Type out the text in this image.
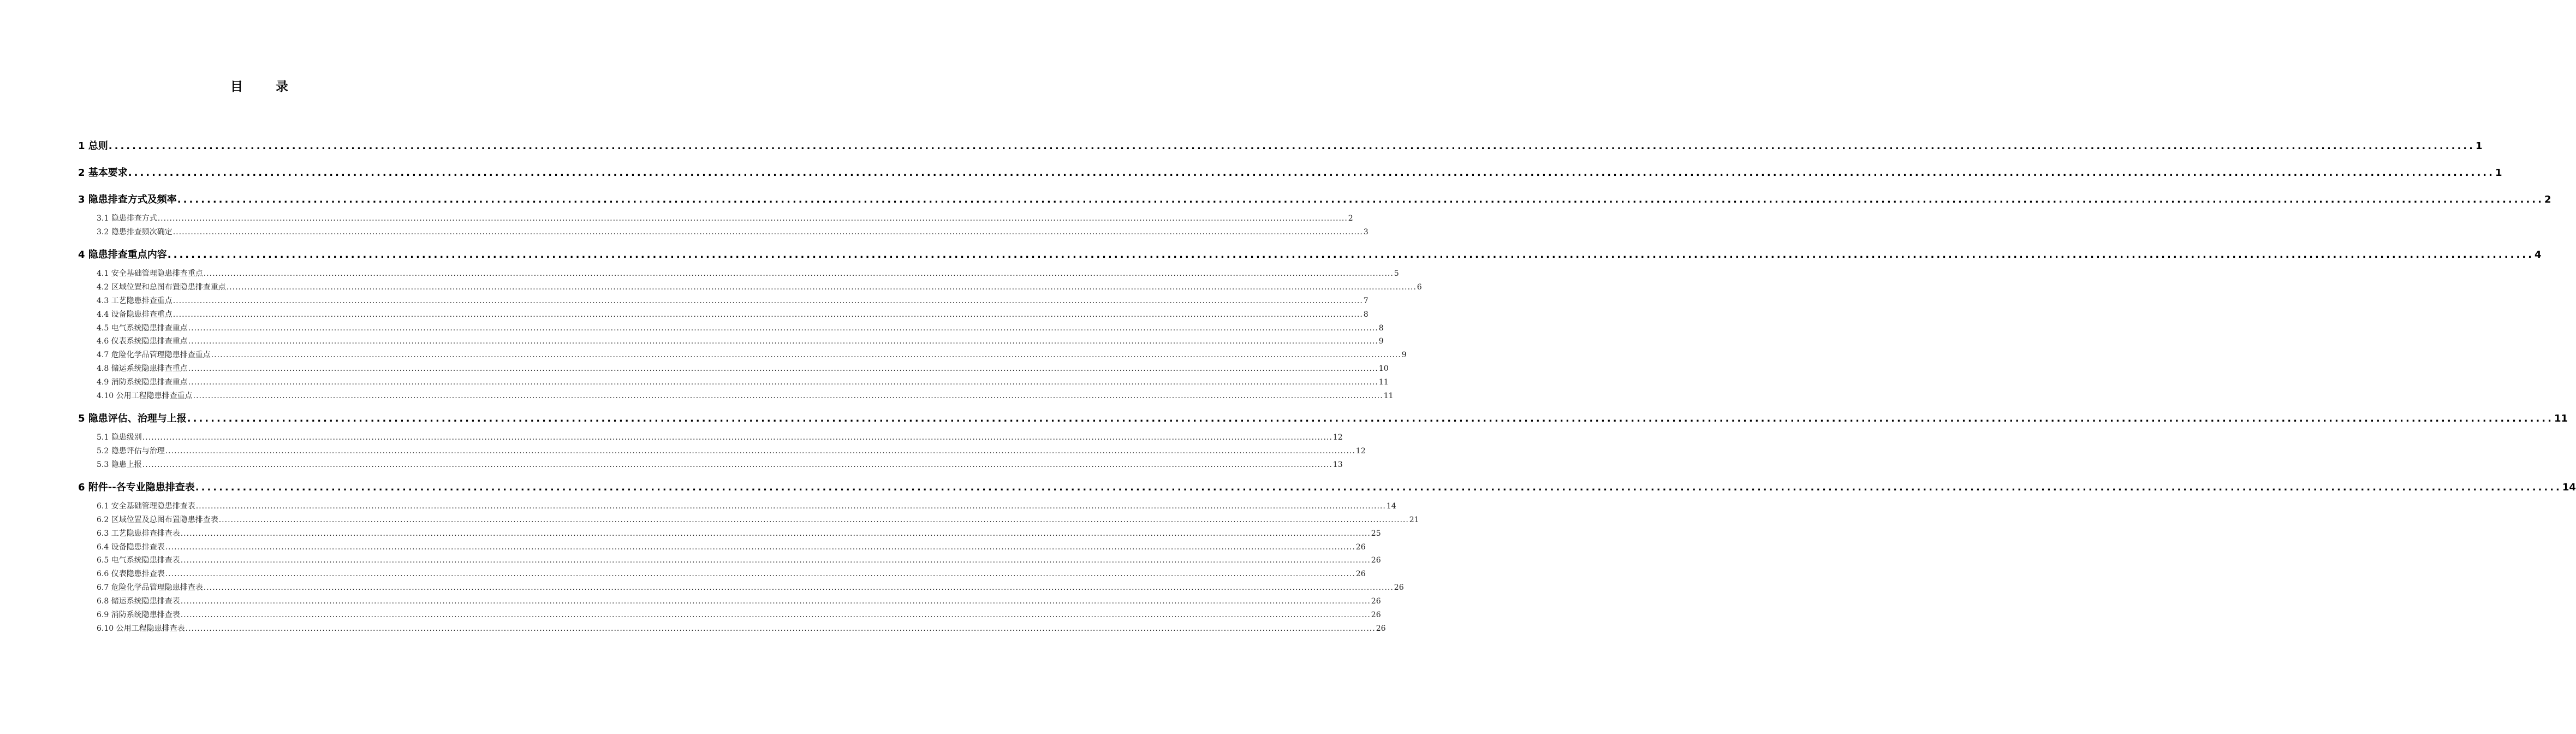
目 录
1 总则 ................................................................................................................................................................................................................................................................................................................................................................................................................ 1
2 基本要求 ................................................................................................................................................................................................................................................................................................................................................................................................................ 1
3 隐患排查方式及频率 ................................................................................................................................................................................................................................................................................................................................................................................................................ 2
3.1 隐患排查方式 ................................................................................................................................................................................................................................................................................................................................................................................................................ 2
3.2 隐患排查频次确定 ................................................................................................................................................................................................................................................................................................................................................................................................................ 3
4 隐患排查重点内容 ................................................................................................................................................................................................................................................................................................................................................................................................................ 4
4.1 安全基础管理隐患排查重点 ................................................................................................................................................................................................................................................................................................................................................................................................................ 5
4.2 区域位置和总图布置隐患排查重点 ................................................................................................................................................................................................................................................................................................................................................................................................................ 6
4.3 工艺隐患排查重点 ................................................................................................................................................................................................................................................................................................................................................................................................................ 7
4.4 设备隐患排查重点 ................................................................................................................................................................................................................................................................................................................................................................................................................ 8
4.5 电气系统隐患排查重点 ................................................................................................................................................................................................................................................................................................................................................................................................................ 8
4.6 仪表系统隐患排查重点 ................................................................................................................................................................................................................................................................................................................................................................................................................ 9
4.7 危险化学品管理隐患排查重点 ................................................................................................................................................................................................................................................................................................................................................................................................................ 9
4.8 储运系统隐患排查重点 ................................................................................................................................................................................................................................................................................................................................................................................................................ 10
4.9 消防系统隐患排查重点 ................................................................................................................................................................................................................................................................................................................................................................................................................ 11
4.10 公用工程隐患排查重点 ................................................................................................................................................................................................................................................................................................................................................................................................................ 11
5 隐患评估、治理与上报 ................................................................................................................................................................................................................................................................................................................................................................................................................ 11
5.1 隐患级别 ................................................................................................................................................................................................................................................................................................................................................................................................................ 12
5.2 隐患评估与治理 ................................................................................................................................................................................................................................................................................................................................................................................................................ 12
5.3 隐患上报 ................................................................................................................................................................................................................................................................................................................................................................................................................ 13
6 附件--各专业隐患排查表 ................................................................................................................................................................................................................................................................................................................................................................................................................ 14
6.1 安全基础管理隐患排查表 ................................................................................................................................................................................................................................................................................................................................................................................................................ 14
6.2 区域位置及总图布置隐患排查表 ................................................................................................................................................................................................................................................................................................................................................................................................................ 21
6.3 工艺隐患排查排查表 ................................................................................................................................................................................................................................................................................................................................................................................................................ 25
6.4 设备隐患排查表 ................................................................................................................................................................................................................................................................................................................................................................................................................ 26
6.5 电气系统隐患排查表 ................................................................................................................................................................................................................................................................................................................................................................................................................ 26
6.6 仪表隐患排查表 ................................................................................................................................................................................................................................................................................................................................................................................................................ 26
6.7 危险化学品管理隐患排查表 ................................................................................................................................................................................................................................................................................................................................................................................................................ 26
6.8 储运系统隐患排查表 ................................................................................................................................................................................................................................................................................................................................................................................................................ 26
6.9 消防系统隐患排查表 ................................................................................................................................................................................................................................................................................................................................................................................................................ 26
6.10 公用工程隐患排查表 ................................................................................................................................................................................................................................................................................................................................................................................................................ 26
